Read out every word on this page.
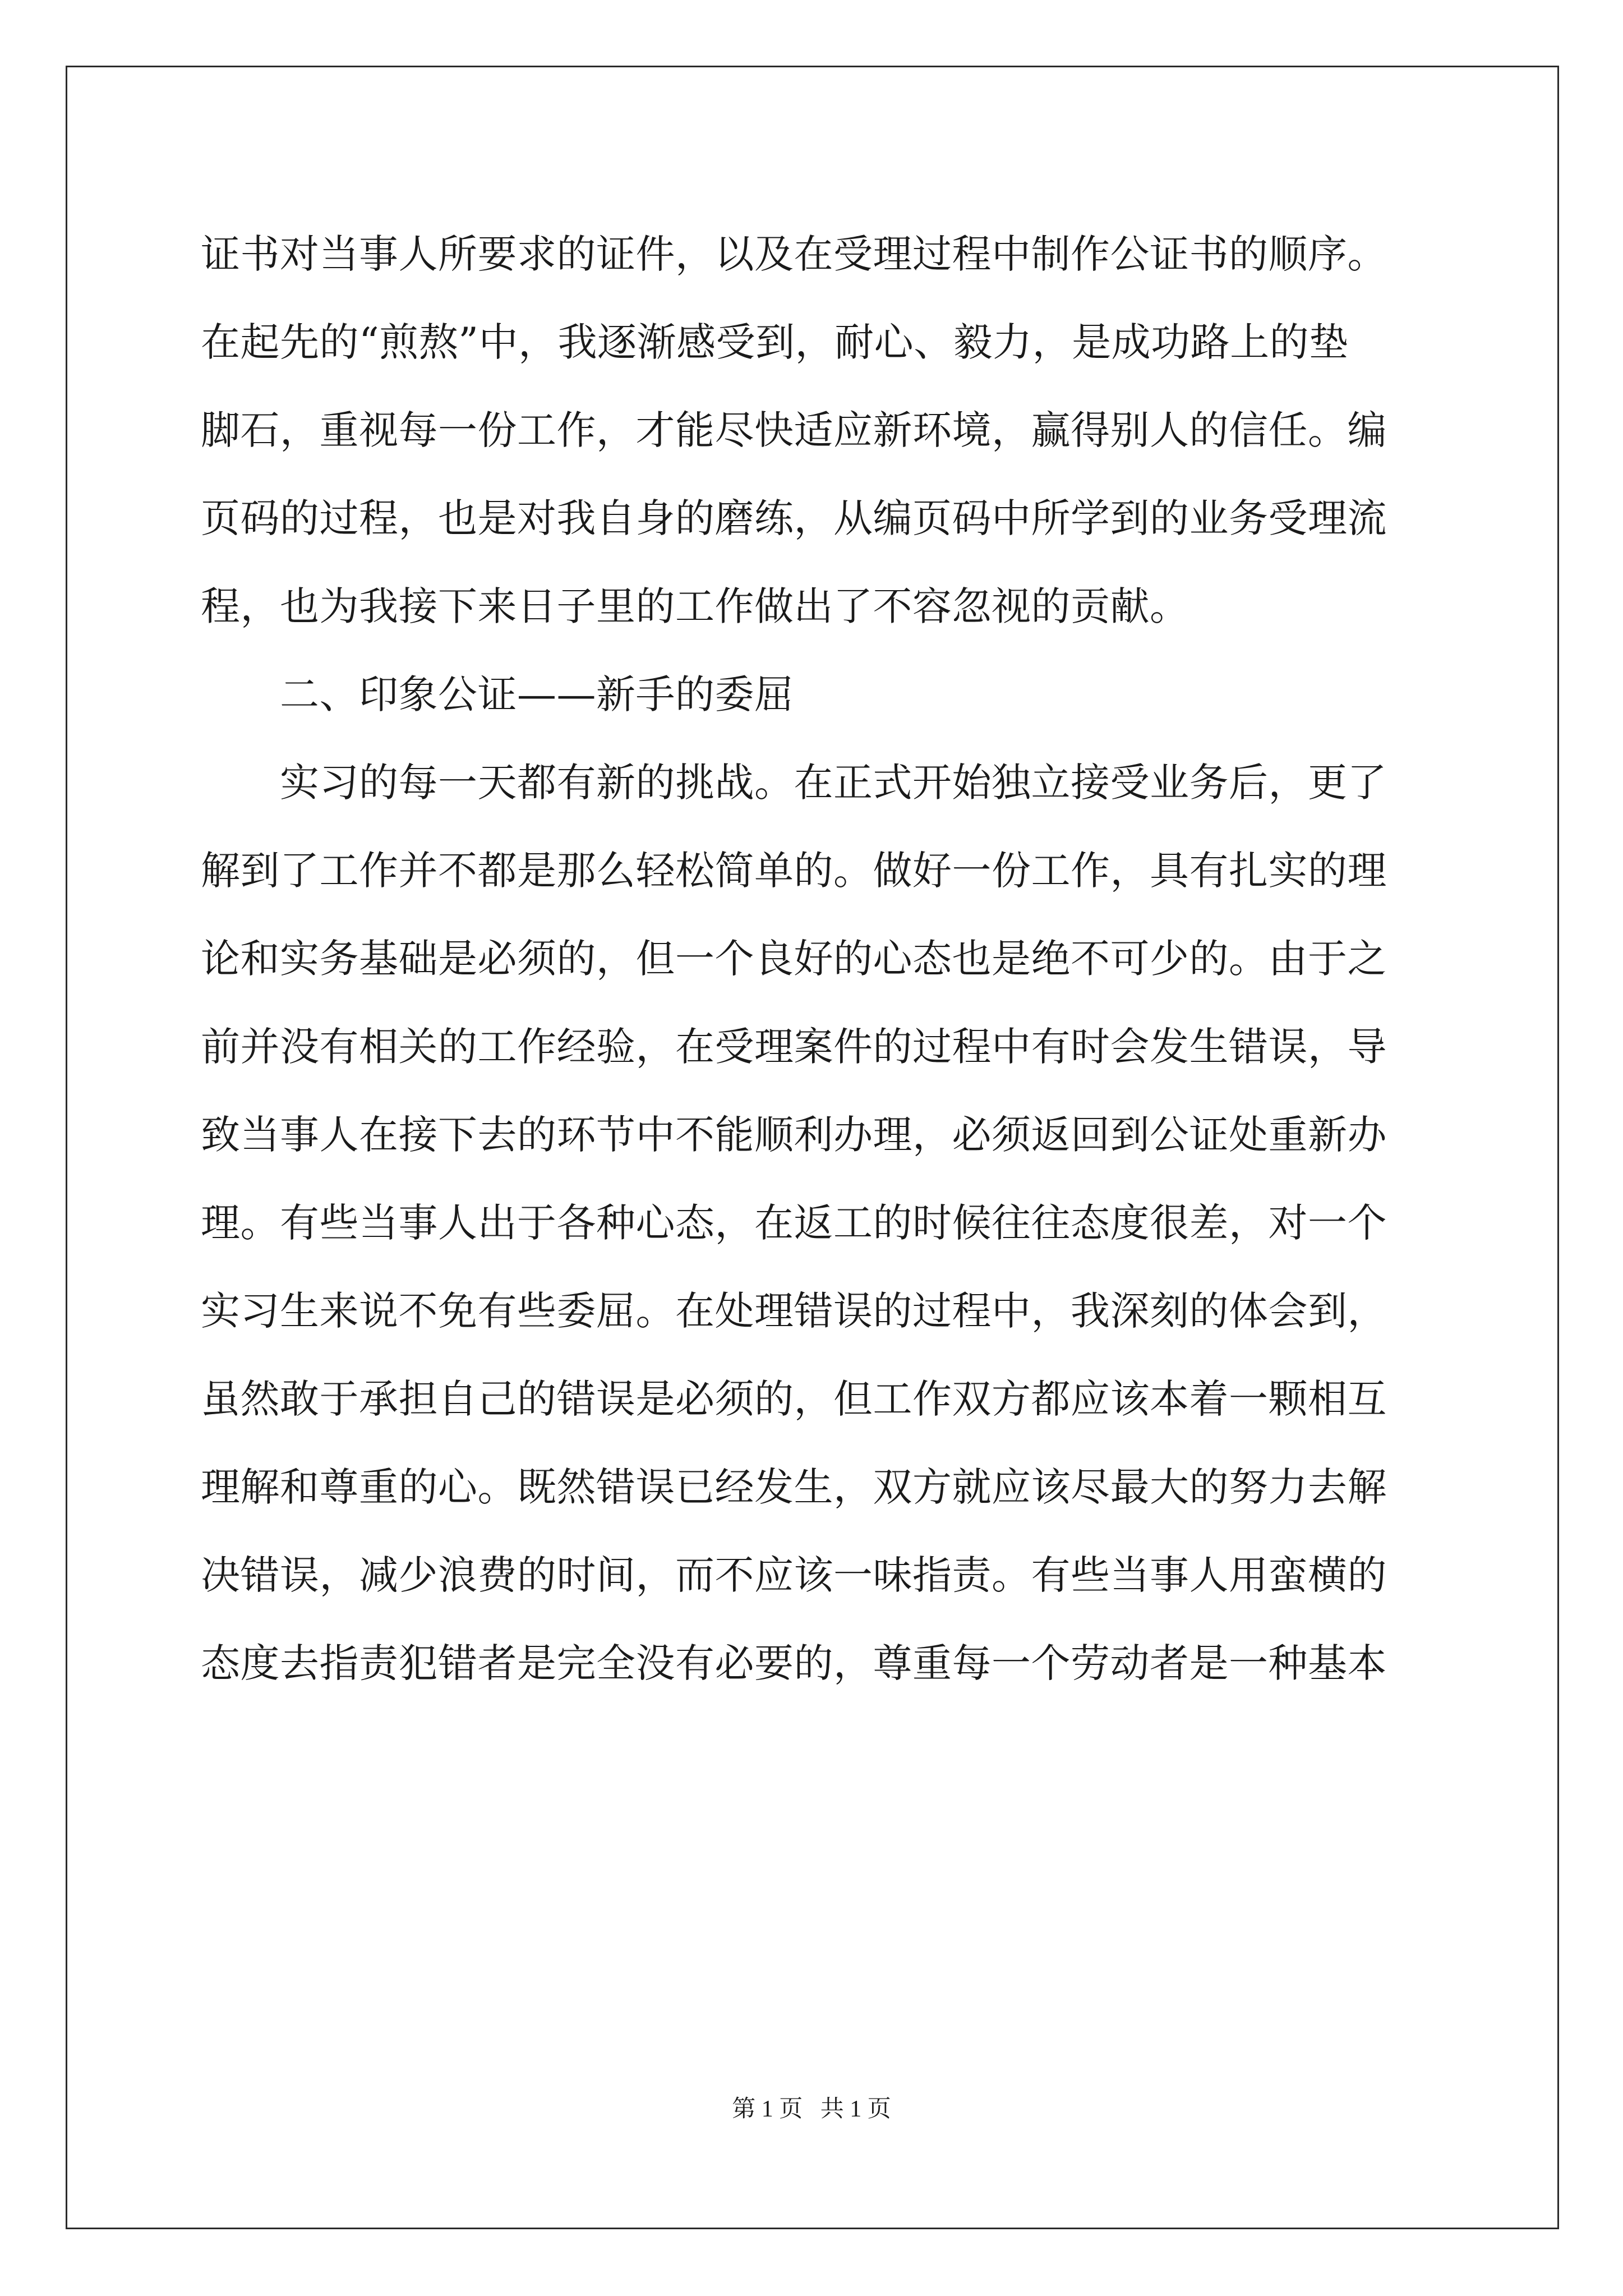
证书对当事人所要求的证件，以及在受理过程中制作公证书的顺序。
在起先的“煎熬”中，我逐渐感受到，耐心、毅力，是成功路上的垫
脚石，重视每一份工作，才能尽快适应新环境，赢得别人的信任。编
页码的过程，也是对我自身的磨练，从编页码中所学到的业务受理流
程，也为我接下来日子里的工作做出了不容忽视的贡献。
　　二、印象公证——新手的委屈
　　实习的每一天都有新的挑战。在正式开始独立接受业务后，更了
解到了工作并不都是那么轻松简单的。做好一份工作，具有扎实的理
论和实务基础是必须的，但一个良好的心态也是绝不可少的。由于之
前并没有相关的工作经验，在受理案件的过程中有时会发生错误，导
致当事人在接下去的环节中不能顺利办理，必须返回到公证处重新办
理。有些当事人出于各种心态，在返工的时候往往态度很差，对一个
实习生来说不免有些委屈。在处理错误的过程中，我深刻的体会到，
虽然敢于承担自己的错误是必须的，但工作双方都应该本着一颗相互
理解和尊重的心。既然错误已经发生，双方就应该尽最大的努力去解
决错误，减少浪费的时间，而不应该一味指责。有些当事人用蛮横的
态度去指责犯错者是完全没有必要的，尊重每一个劳动者是一种基本
第 1 页   共 1 页
